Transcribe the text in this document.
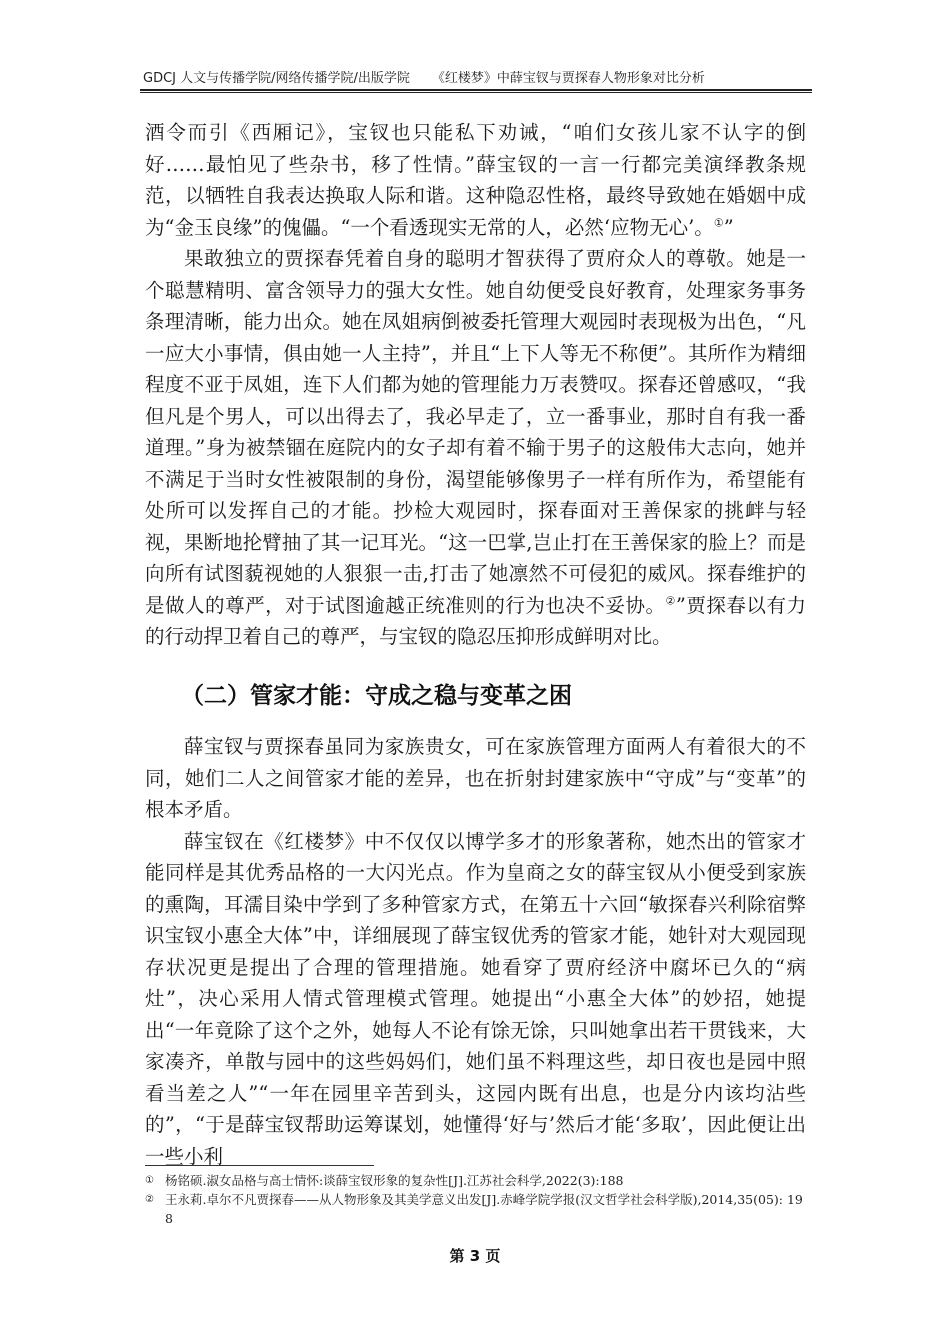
GDCJ 人文与传播学院/网络传播学院/出版学院 《红楼梦》中薛宝钗与贾探春人物形象对比分析

酒令而引《西厢记》，宝钗也只能私下劝诫，“咱们女孩儿家不认字的倒好……最怕见了些杂书，移了性情。”薛宝钗的一言一行都完美演绎教条规范，以牺牲自我表达换取人际和谐。这种隐忍性格，最终导致她在婚姻中成为“金玉良缘”的傀儡。“一个看透现实无常的人，必然‘应物无心’。①”

果敢独立的贾探春凭着自身的聪明才智获得了贾府众人的尊敬。她是一个聪慧精明、富含领导力的强大女性。她自幼便受良好教育，处理家务事务条理清晰，能力出众。她在凤姐病倒被委托管理大观园时表现极为出色，“凡一应大小事情，俱由她一人主持”，并且“上下人等无不称便”。其所作为精细程度不亚于凤姐，连下人们都为她的管理能力万表赞叹。探春还曾感叹，“我但凡是个男人，可以出得去了，我必早走了，立一番事业，那时自有我一番道理。”身为被禁锢在庭院内的女子却有着不输于男子的这般伟大志向，她并不满足于当时女性被限制的身份，渴望能够像男子一样有所作为，希望能有处所可以发挥自己的才能。抄检大观园时，探春面对王善保家的挑衅与轻视，果断地抡臂抽了其一记耳光。“这一巴掌,岂止打在王善保家的脸上？而是向所有试图藐视她的人狠狠一击,打击了她凛然不可侵犯的威风。探春维护的是做人的尊严，对于试图逾越正统准则的行为也决不妥协。②”贾探春以有力的行动捍卫着自己的尊严，与宝钗的隐忍压抑形成鲜明对比。

（二）管家才能：守成之稳与变革之困

薛宝钗与贾探春虽同为家族贵女，可在家族管理方面两人有着很大的不同，她们二人之间管家才能的差异，也在折射封建家族中“守成”与“变革”的根本矛盾。

薛宝钗在《红楼梦》中不仅仅以博学多才的形象著称，她杰出的管家才能同样是其优秀品格的一大闪光点。作为皇商之女的薛宝钗从小便受到家族的熏陶，耳濡目染中学到了多种管家方式，在第五十六回“敏探春兴利除宿弊 识宝钗小惠全大体”中，详细展现了薛宝钗优秀的管家才能，她针对大观园现存状况更是提出了合理的管理措施。她看穿了贾府经济中腐坏已久的“病灶”，决心采用人情式管理模式管理。她提出“小惠全大体”的妙招，她提出“一年竟除了这个之外，她每人不论有馀无馀，只叫她拿出若干贯钱来，大家凑齐，单散与园中的这些妈妈们，她们虽不料理这些，却日夜也是园中照看当差之人”“一年在园里辛苦到头，这园内既有出息，也是分内该均沾些的”，“于是薛宝钗帮助运筹谋划，她懂得‘好与’然后才能‘多取’，因此便让出一些小利

① 杨铭硕.淑女品格与高士情怀:谈薛宝钗形象的复杂性[J].江苏社会科学,2022(3):188

② 王永莉.卓尔不凡贾探春——从人物形象及其美学意义出发[J].赤峰学院学报(汉文哲学社会科学版),2014,35(05): 198

第 3 页
